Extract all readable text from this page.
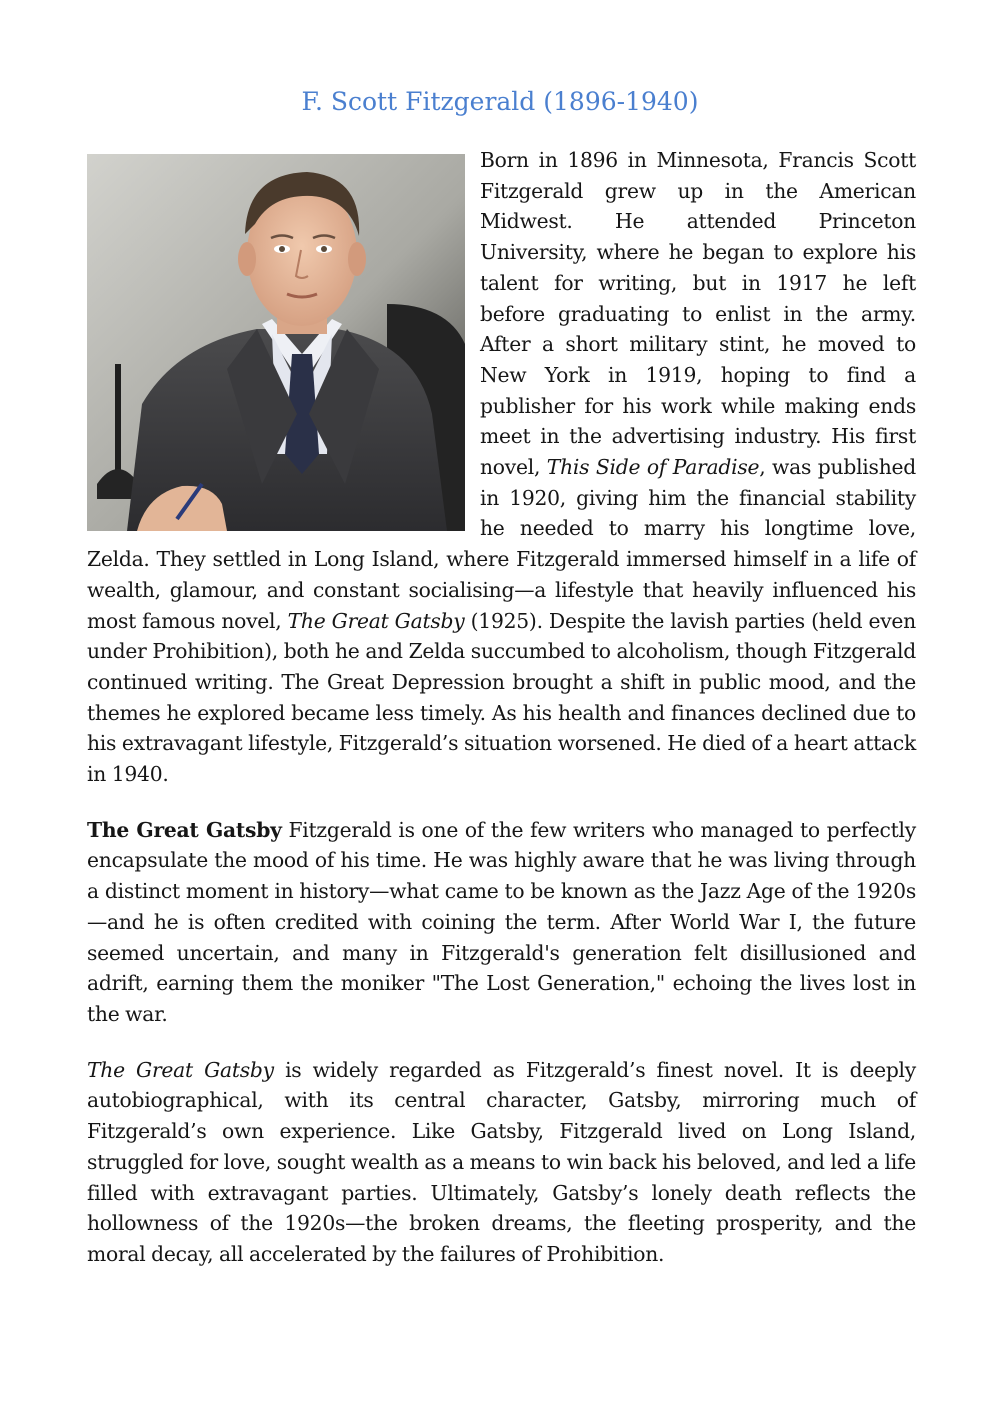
F. Scott Fitzgerald (1896-1940)

Born in 1896 in Minnesota, Francis Scott Fitzgerald grew up in the American Midwest. He attended Princeton University, where he began to explore his talent for writing, but in 1917 he left before graduating to enlist in the army. After a short military stint, he moved to New York in 1919, hoping to find a publisher for his work while making ends meet in the advertising industry. His first novel, This Side of Paradise, was published in 1920, giving him the financial stability he needed to marry his longtime love, Zelda. They settled in Long Island, where Fitzgerald immersed himself in a life of wealth, glamour, and constant socialising—a lifestyle that heavily influenced his most famous novel, The Great Gatsby (1925). Despite the lavish parties (held even under Prohibition), both he and Zelda succumbed to alcoholism, though Fitzgerald continued writing. The Great Depression brought a shift in public mood, and the themes he explored became less timely. As his health and finances declined due to his extravagant lifestyle, Fitzgerald’s situation worsened. He died of a heart attack in 1940.

The Great Gatsby Fitzgerald is one of the few writers who managed to perfectly encapsulate the mood of his time. He was highly aware that he was living through a distinct moment in history—what came to be known as the Jazz Age of the 1920s—and he is often credited with coining the term. After World War I, the future seemed uncertain, and many in Fitzgerald's generation felt disillusioned and adrift, earning them the moniker "The Lost Generation," echoing the lives lost in the war.

The Great Gatsby is widely regarded as Fitzgerald’s finest novel. It is deeply autobiographical, with its central character, Gatsby, mirroring much of Fitzgerald’s own experience. Like Gatsby, Fitzgerald lived on Long Island, struggled for love, sought wealth as a means to win back his beloved, and led a life filled with extravagant parties. Ultimately, Gatsby’s lonely death reflects the hollowness of the 1920s—the broken dreams, the fleeting prosperity, and the moral decay, all accelerated by the failures of Prohibition.
